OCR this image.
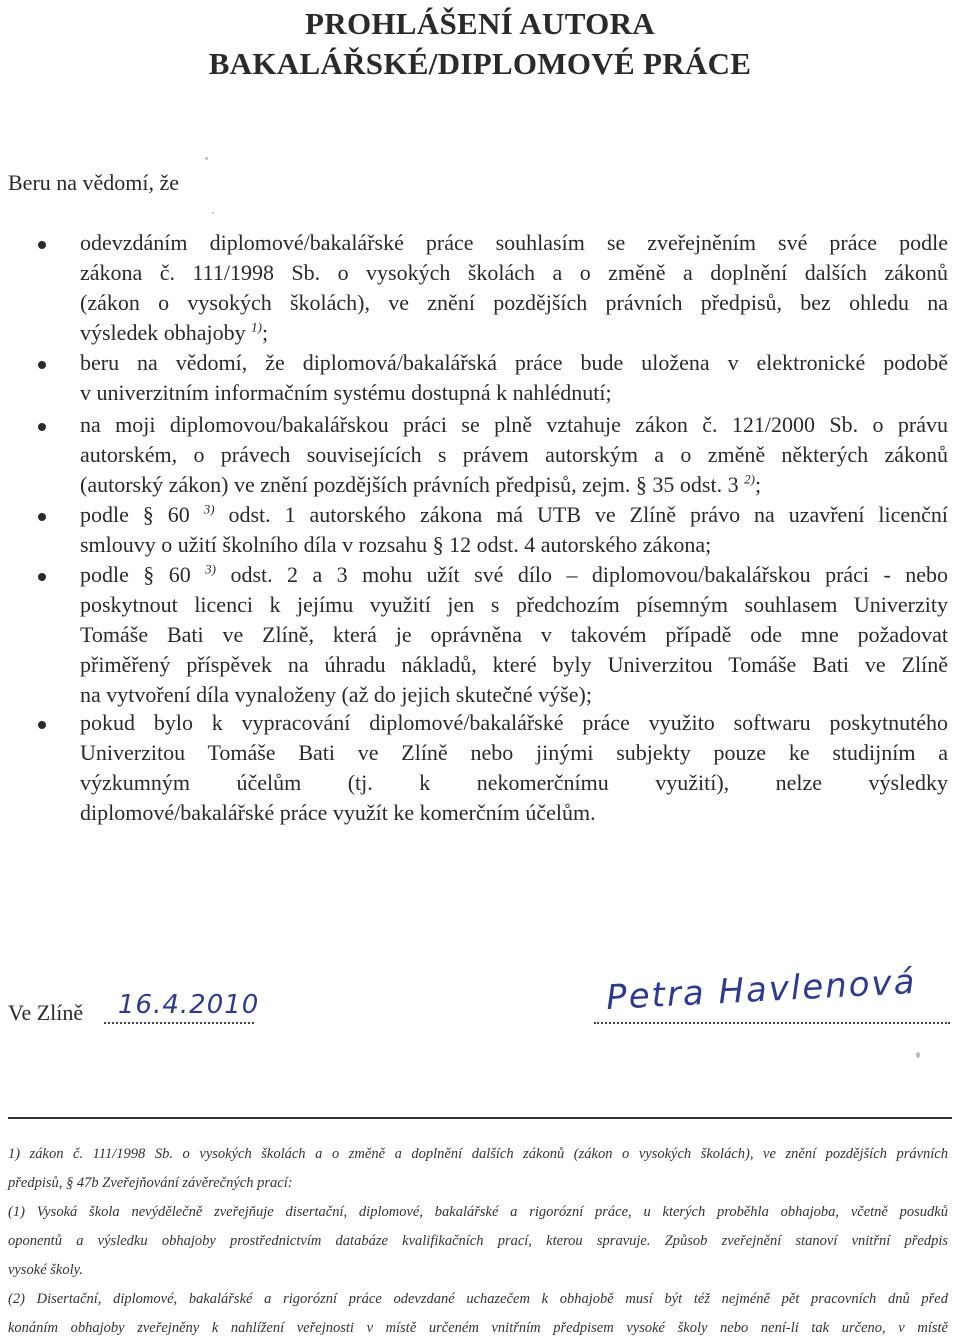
PROHLÁŠENÍ AUTORA
BAKALÁŘSKÉ/DIPLOMOVÉ PRÁCE
Beru na vědomí, že
odevzdáním diplomové/bakalářské práce souhlasím se zveřejněním své práce podle
zákona č. 111/1998 Sb. o vysokých školách a o změně a doplnění dalších zákonů
(zákon o vysokých školách), ve znění pozdějších právních předpisů, bez ohledu na
výsledek obhajoby $^{1)}$;
beru na vědomí, že diplomová/bakalářská práce bude uložena v elektronické podobě
v univerzitním informačním systému dostupná k nahlédnutí;
na moji diplomovou/bakalářskou práci se plně vztahuje zákon č. 121/2000 Sb. o právu
autorském, o právech souvisejících s právem autorským a o změně některých zákonů
(autorský zákon) ve znění pozdějších právních předpisů, zejm. § 35 odst. 3 $^{2)}$;
podle § 60 $^{3)}$ odst. 1 autorského zákona má UTB ve Zlíně právo na uzavření licenční
smlouvy o užití školního díla v rozsahu § 12 odst. 4 autorského zákona;
podle § 60 $^{3)}$ odst. 2 a 3 mohu užít své dílo – diplomovou/bakalářskou práci - nebo
poskytnout licenci k jejímu využití jen s předchozím písemným souhlasem Univerzity
Tomáše Bati ve Zlíně, která je oprávněna v takovém případě ode mne požadovat
přiměřený příspěvek na úhradu nákladů, které byly Univerzitou Tomáše Bati ve Zlíně
na vytvoření díla vynaloženy (až do jejich skutečné výše);
pokud bylo k vypracování diplomové/bakalářské práce využito softwaru poskytnutého
Univerzitou Tomáše Bati ve Zlíně nebo jinými subjekty pouze ke studijním a
výzkumným účelům (tj. k nekomerčnímu využití), nelze výsledky
diplomové/bakalářské práce využít ke komerčním účelům.
Ve Zlíně 16.4.2010	Petra Havlenová
1) zákon č. 111/1998 Sb. o vysokých školách a o změně a doplnění dalších zákonů (zákon o vysokých školách), ve znění pozdějších právních
předpisů, § 47b Zveřejňování závěrečných prací:
(1) Vysoká škola nevýdělečně zveřejňuje disertační, diplomové, bakalářské a rigorózní práce, u kterých proběhla obhajoba, včetně posudků
oponentů a výsledku obhajoby prostřednictvím databáze kvalifikačních prací, kterou spravuje. Způsob zveřejnění stanoví vnitřní předpis
vysoké školy.
(2) Disertační, diplomové, bakalářské a rigorózní práce odevzdané uchazečem k obhajobě musí být též nejméně pět pracovních dnů před
konáním obhajoby zveřejněny k nahlížení veřejnosti v místě určeném vnitřním předpisem vysoké školy nebo není-li tak určeno, v místě
